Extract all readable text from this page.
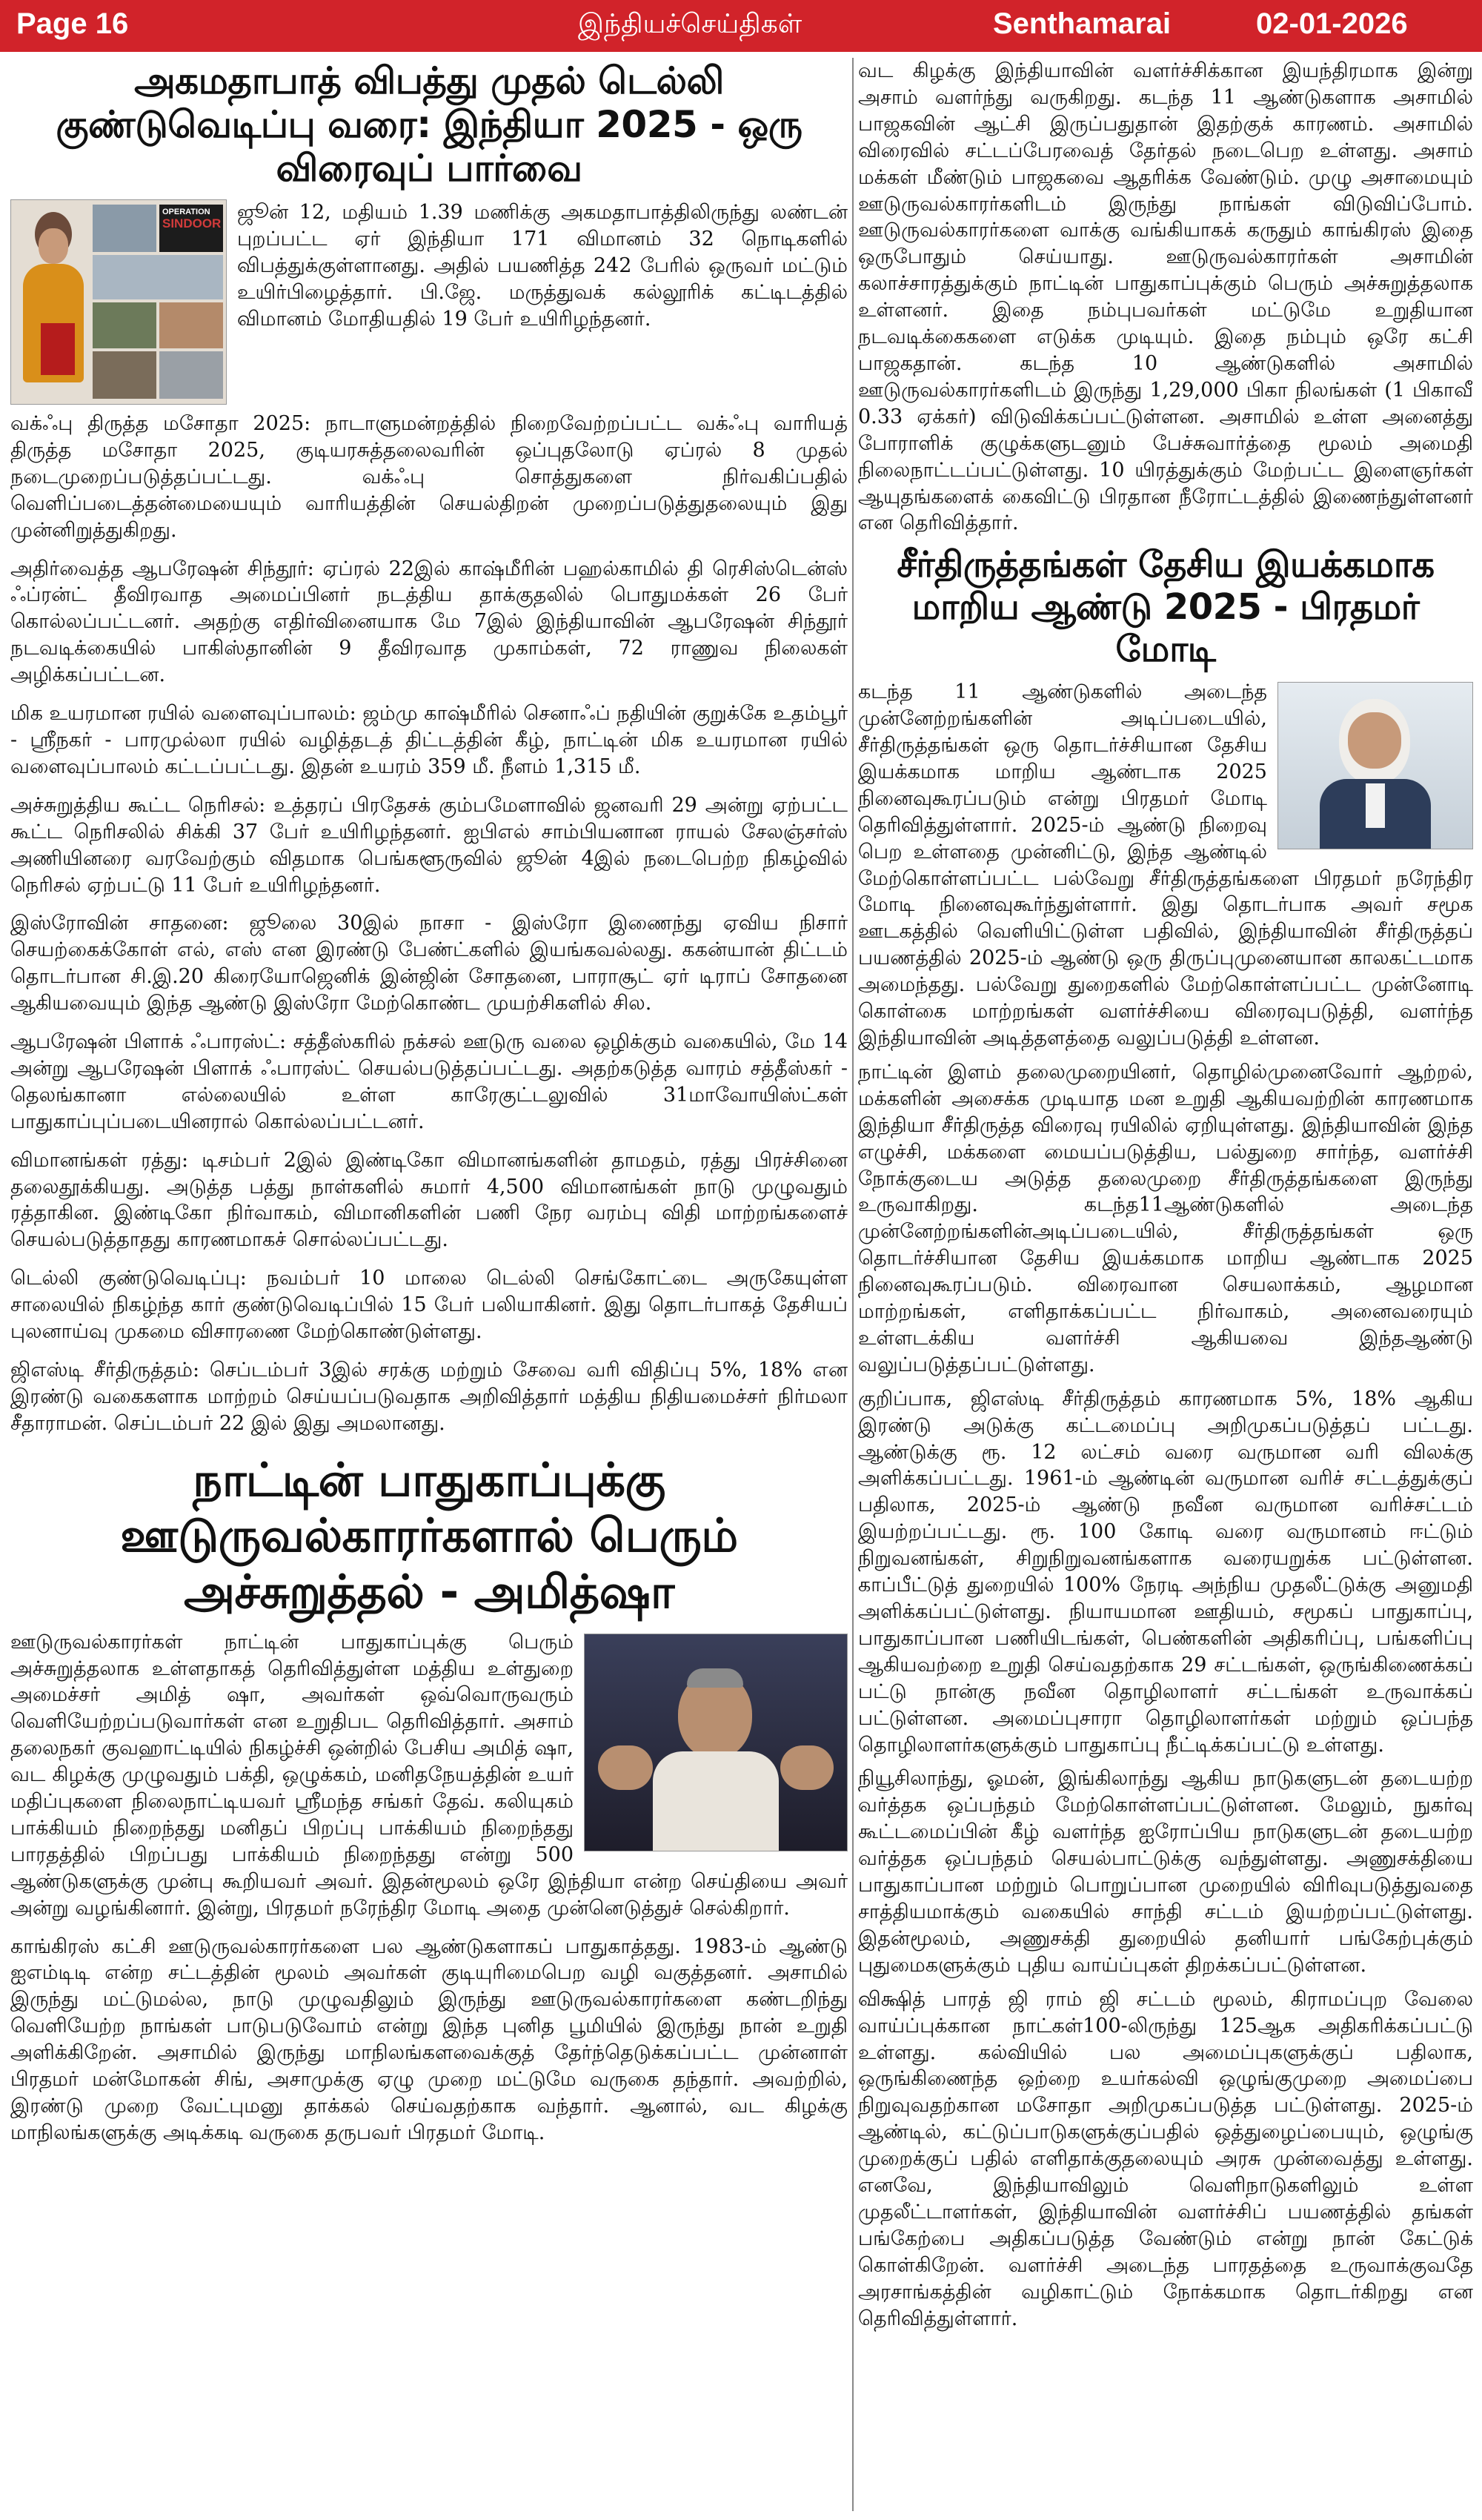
Page 16	இந்தியச்செய்திகள்	Senthamarai	02-01-2026
அகமதாபாத் விபத்து முதல் டெல்லி குண்டுவெடிப்பு வரை: இந்தியா 2025 - ஒரு விரைவுப் பார்வை
OPERATION
SINDOOR ஜூன் 12, மதியம் 1.39 மணிக்கு அகமதாபாத்திலிருந்து லண்டன் புறப்பட்ட ஏர் இந்தியா 171 விமானம் 32 நொடிகளில் விபத்துக்குள்ளானது. அதில் பயணித்த 242 பேரில் ஒருவர் மட்டும் உயிர்பிழைத்தார். பி.ஜே. மருத்துவக் கல்லூரிக் கட்டிடத்தில் விமானம் மோதியதில் 19 பேர் உயிரிழந்தனர்.

வக்ஃபு திருத்த மசோதா 2025: நாடாளுமன்றத்தில் நிறைவேற்றப்பட்ட வக்ஃபு வாரியத் திருத்த மசோதா 2025, குடியரசுத்தலைவரின் ஒப்புதலோடு ஏப்ரல் 8 முதல் நடைமுறைப்படுத்தப்பட்டது. வக்ஃபு சொத்துகளை நிர்வகிப்பதில் வெளிப்படைத்தன்மையையும் வாரியத்தின் செயல்திறன் முறைப்படுத்துதலையும் இது முன்னிறுத்துகிறது.

அதிர்வைத்த ஆபரேஷன் சிந்தூர்: ஏப்ரல் 22இல் காஷ்மீரின் பஹல்காமில் தி ரெசிஸ்டென்ஸ் ஃப்ரன்ட் தீவிரவாத அமைப்பினர் நடத்திய தாக்குதலில் பொதுமக்கள் 26 பேர் கொல்லப்பட்டனர். அதற்கு எதிர்வினையாக மே 7இல் இந்தியாவின் ஆபரேஷன் சிந்தூர் நடவடிக்கையில் பாகிஸ்தானின் 9 தீவிரவாத முகாம்கள், 72 ராணுவ நிலைகள் அழிக்கப்பட்டன.

மிக உயரமான ரயில் வளைவுப்பாலம்: ஜம்மு காஷ்மீரில் செனாஃப் நதியின் குறுக்கே உதம்பூர் - ஸ்ரீநகர் - பாரமுல்லா ரயில் வழித்தடத் திட்டத்தின் கீழ், நாட்டின் மிக உயரமான ரயில் வளைவுப்பாலம் கட்டப்பட்டது. இதன் உயரம் 359 மீ. நீளம் 1,315 மீ.

அச்சுறுத்திய கூட்ட நெரிசல்: உத்தரப் பிரதேசக் கும்பமேளாவில் ஜனவரி 29 அன்று ஏற்பட்ட கூட்ட நெரிசலில் சிக்கி 37 பேர் உயிரிழந்தனர். ஐபிஎல் சாம்பியனான ராயல் சேலஞ்சர்ஸ் அணியினரை வரவேற்கும் விதமாக பெங்களூருவில் ஜூன் 4இல் நடைபெற்ற நிகழ்வில் நெரிசல் ஏற்பட்டு 11 பேர் உயிரிழந்தனர்.

இஸ்ரோவின் சாதனை: ஜூலை 30இல் நாசா - இஸ்ரோ இணைந்து ஏவிய நிசார் செயற்கைக்கோள் எல், எஸ் என இரண்டு பேண்ட்களில் இயங்கவல்லது. ககன்யான் திட்டம் தொடர்பான சி.இ.20 கிரையோஜெனிக் இன்ஜின் சோதனை, பாராசூட் ஏர் டிராப் சோதனை ஆகியவையும் இந்த ஆண்டு இஸ்ரோ மேற்கொண்ட முயற்சிகளில் சில.

ஆபரேஷன் பிளாக் ஃபாரஸ்ட்: சத்தீஸ்கரில் நக்சல் ஊடுரு வலை ஒழிக்கும் வகையில், மே 14 அன்று ஆபரேஷன் பிளாக் ஃபாரஸ்ட் செயல்படுத்தப்பட்டது. அதற்கடுத்த வாரம் சத்தீஸ்கர் - தெலங்கானா எல்லையில் உள்ள காரேகுட்டலுவில் 31மாவோயிஸ்ட்கள் பாதுகாப்புப்படையினரால் கொல்லப்பட்டனர்.

விமானங்கள் ரத்து: டிசம்பர் 2இல் இண்டிகோ விமானங்களின் தாமதம், ரத்து பிரச்சினை தலைதூக்கியது. அடுத்த பத்து நாள்களில் சுமார் 4,500 விமானங்கள் நாடு முழுவதும் ரத்தாகின. இண்டிகோ நிர்வாகம், விமானிகளின் பணி நேர வரம்பு விதி மாற்றங்களைச் செயல்படுத்தாதது காரணமாகச் சொல்லப்பட்டது.

டெல்லி குண்டுவெடிப்பு: நவம்பர் 10 மாலை டெல்லி செங்கோட்டை அருகேயுள்ள சாலையில் நிகழ்ந்த கார் குண்டுவெடிப்பில் 15 பேர் பலியாகினர். இது தொடர்பாகத் தேசியப் புலனாய்வு முகமை விசாரணை மேற்கொண்டுள்ளது.

ஜிஎஸ்டி சீர்திருத்தம்: செப்டம்பர் 3இல் சரக்கு மற்றும் சேவை வரி விதிப்பு 5%, 18% என இரண்டு வகைகளாக மாற்றம் செய்யப்படுவதாக அறிவித்தார் மத்திய நிதியமைச்சர் நிர்மலா சீதாராமன். செப்டம்பர் 22 இல் இது அமலானது.

நாட்டின் பாதுகாப்புக்கு ஊடுருவல்காரர்களால் பெரும் அச்சுறுத்தல் - அமித்ஷா

ஊடுருவல்காரர்கள் நாட்டின் பாதுகாப்புக்கு பெரும் அச்சுறுத்தலாக உள்ளதாகத் தெரிவித்துள்ள மத்திய உள்துறை அமைச்சர் அமித் ஷா, அவர்கள் ஒவ்வொருவரும் வெளியேற்றப்படுவார்கள் என உறுதிபட தெரிவித்தார். அசாம் தலைநகர் குவஹாட்டியில் நிகழ்ச்சி ஒன்றில் பேசிய அமித் ஷா, வட கிழக்கு முழுவதும் பக்தி, ஒழுக்கம், மனிதநேயத்தின் உயர் மதிப்புகளை நிலைநாட்டியவர் ஸ்ரீமந்த சங்கர் தேவ். கலியுகம் பாக்கியம் நிறைந்தது மனிதப் பிறப்பு பாக்கியம் நிறைந்தது பாரதத்தில் பிறப்பது பாக்கியம் நிறைந்தது என்று 500 ஆண்டுகளுக்கு முன்பு கூறியவர் அவர். இதன்மூலம் ஒரே இந்தியா என்ற செய்தியை அவர் அன்று வழங்கினார். இன்று, பிரதமர் நரேந்திர மோடி அதை முன்னெடுத்துச் செல்கிறார்.

காங்கிரஸ் கட்சி ஊடுருவல்காரர்களை பல ஆண்டுகளாகப் பாதுகாத்தது. 1983-ம் ஆண்டு ஐஎம்டிடி என்ற சட்டத்தின் மூலம் அவர்கள் குடியுரிமைபெற வழி வகுத்தனர். அசாமில் இருந்து மட்டுமல்ல, நாடு முழுவதிலும் இருந்து ஊடுருவல்காரர்களை கண்டறிந்து வெளியேற்ற நாங்கள் பாடுபடுவோம் என்று இந்த புனித பூமியில் இருந்து நான் உறுதி அளிக்கிறேன். அசாமில் இருந்து மாநிலங்களவைக்குத் தேர்ந்தெடுக்கப்பட்ட முன்னாள் பிரதமர் மன்மோகன் சிங், அசாமுக்கு ஏழு முறை மட்டுமே வருகை தந்தார். அவற்றில், இரண்டு முறை வேட்புமனு தாக்கல் செய்வதற்காக வந்தார். ஆனால், வட கிழக்கு மாநிலங்களுக்கு அடிக்கடி வருகை தருபவர் பிரதமர் மோடி.

வட கிழக்கு இந்தியாவின் வளர்ச்சிக்கான இயந்திரமாக இன்று அசாம் வளர்ந்து வருகிறது. கடந்த 11 ஆண்டுகளாக அசாமில் பாஜகவின் ஆட்சி இருப்பதுதான் இதற்குக் காரணம். அசாமில் விரைவில் சட்டப்பேரவைத் தேர்தல் நடைபெற உள்ளது. அசாம் மக்கள் மீண்டும் பாஜகவை ஆதரிக்க வேண்டும். முழு அசாமையும் ஊடுருவல்காரர்களிடம் இருந்து நாங்கள் விடுவிப்போம். ஊடுருவல்காரர்களை வாக்கு வங்கியாகக் கருதும் காங்கிரஸ் இதை ஒருபோதும் செய்யாது. ஊடுருவல்காரர்கள் அசாமின் கலாச்சாரத்துக்கும் நாட்டின் பாதுகாப்புக்கும் பெரும் அச்சுறுத்தலாக உள்ளனர். இதை நம்புபவர்கள் மட்டுமே உறுதியான நடவடிக்கைகளை எடுக்க முடியும். இதை நம்பும் ஒரே கட்சி பாஜகதான். கடந்த 10 ஆண்டுகளில் அசாமில் ஊடுருவல்காரர்களிடம் இருந்து 1,29,000 பிகா நிலங்கள் (1 பிகாவீ 0.33 ஏக்கர்) விடுவிக்கப்பட்டுள்ளன. அசாமில் உள்ள அனைத்து போராளிக் குழுக்களுடனும் பேச்சுவார்த்தை மூலம் அமைதி நிலைநாட்டப்பட்டுள்ளது. 10 யிரத்துக்கும் மேற்பட்ட இளைஞர்கள் ஆயுதங்களைக் கைவிட்டு பிரதான நீரோட்டத்தில் இணைந்துள்ளனர் என தெரிவித்தார்.

சீர்திருத்தங்கள் தேசிய இயக்கமாக மாறிய ஆண்டு 2025 - பிரதமர் மோடி

கடந்த 11 ஆண்டுகளில் அடைந்த முன்னேற்றங்களின் அடிப்படையில், சீர்திருத்தங்கள் ஒரு தொடர்ச்சியான தேசிய இயக்கமாக மாறிய ஆண்டாக 2025 நினைவுகூரப்படும் என்று பிரதமர் மோடி தெரிவித்துள்ளார். 2025-ம் ஆண்டு நிறைவு பெற உள்ளதை முன்னிட்டு, இந்த ஆண்டில் மேற்கொள்ளப்பட்ட பல்வேறு சீர்திருத்தங்களை பிரதமர் நரேந்திர மோடி நினைவுகூர்ந்துள்ளார். இது தொடர்பாக அவர் சமூக ஊடகத்தில் வெளியிட்டுள்ள பதிவில், இந்தியாவின் சீர்திருத்தப் பயணத்தில் 2025-ம் ஆண்டு ஒரு திருப்புமுனையான காலகட்டமாக அமைந்தது. பல்வேறு துறைகளில் மேற்கொள்ளப்பட்ட முன்னோடி கொள்கை மாற்றங்கள் வளர்ச்சியை விரைவுபடுத்தி, வளர்ந்த இந்தியாவின் அடித்தளத்தை வலுப்படுத்தி உள்ளன.

நாட்டின் இளம் தலைமுறையினர், தொழில்முனைவோர் ஆற்றல், மக்களின் அசைக்க முடியாத மன உறுதி ஆகியவற்றின் காரணமாக இந்தியா சீர்திருத்த விரைவு ரயிலில் ஏறியுள்ளது. இந்தியாவின் இந்த எழுச்சி, மக்களை மையப்படுத்திய, பல்துறை சார்ந்த, வளர்ச்சி நோக்குடைய அடுத்த தலைமுறை சீர்திருத்தங்களை இருந்து உருவாகிறது. கடந்த11ஆண்டுகளில் அடைந்த முன்னேற்றங்களின்அடிப்படையில், சீர்திருத்தங்கள் ஒரு தொடர்ச்சியான தேசிய இயக்கமாக மாறிய ஆண்டாக 2025 நினைவுகூரப்படும். விரைவான செயலாக்கம், ஆழமான மாற்றங்கள், எளிதாக்கப்பட்ட நிர்வாகம், அனைவரையும் உள்ளடக்கிய வளர்ச்சி ஆகியவை இந்தஆண்டு வலுப்படுத்தப்பட்டுள்ளது.

குறிப்பாக, ஜிஎஸ்டி சீர்திருத்தம் காரணமாக 5%, 18% ஆகிய இரண்டு அடுக்கு கட்டமைப்பு அறிமுகப்படுத்தப் பட்டது. ஆண்டுக்கு ரூ. 12 லட்சம் வரை வருமான வரி விலக்கு அளிக்கப்பட்டது. 1961-ம் ஆண்டின் வருமான வரிச் சட்டத்துக்குப் பதிலாக, 2025-ம் ஆண்டு நவீன வருமான வரிச்சட்டம் இயற்றப்பட்டது. ரூ. 100 கோடி வரை வருமானம் ஈட்டும் நிறுவனங்கள், சிறுநிறுவனங்களாக வரையறுக்க பட்டுள்ளன. காப்பீட்டுத் துறையில் 100% நேரடி அந்நிய முதலீட்டுக்கு அனுமதி அளிக்கப்பட்டுள்ளது. நியாயமான ஊதியம், சமூகப் பாதுகாப்பு, பாதுகாப்பான பணியிடங்கள், பெண்களின் அதிகரிப்பு, பங்களிப்பு ஆகியவற்றை உறுதி செய்வதற்காக 29 சட்டங்கள், ஒருங்கிணைக்கப் பட்டு நான்கு நவீன தொழிலாளர் சட்டங்கள் உருவாக்கப் பட்டுள்ளன. அமைப்புசாரா தொழிலாளர்கள் மற்றும் ஒப்பந்த தொழிலாளர்களுக்கும் பாதுகாப்பு நீட்டிக்கப்பட்டு உள்ளது.

நியூசிலாந்து, ஓமன், இங்கிலாந்து ஆகிய நாடுகளுடன் தடையற்ற வர்த்தக ஒப்பந்தம் மேற்கொள்ளப்பட்டுள்ளன. மேலும், நுகர்வு கூட்டமைப்பின் கீழ் வளர்ந்த ஐரோப்பிய நாடுகளுடன் தடையற்ற வர்த்தக ஒப்பந்தம் செயல்பாட்டுக்கு வந்துள்ளது. அணுசக்தியை பாதுகாப்பான மற்றும் பொறுப்பான முறையில் விரிவுபடுத்துவதை சாத்தியமாக்கும் வகையில் சாந்தி சட்டம் இயற்றப்பட்டுள்ளது. இதன்மூலம், அணுசக்தி துறையில் தனியார் பங்கேற்புக்கும் புதுமைகளுக்கும் புதிய வாய்ப்புகள் திறக்கப்பட்டுள்ளன.

விக்ஷித் பாரத் ஜி ராம் ஜி சட்டம் மூலம், கிராமப்புற வேலை வாய்ப்புக்கான நாட்கள்100-லிருந்து 125ஆக அதிகரிக்கப்பட்டு உள்ளது. கல்வியில் பல அமைப்புகளுக்குப் பதிலாக, ஒருங்கிணைந்த ஒற்றை உயர்கல்வி ஒழுங்குமுறை அமைப்பை நிறுவுவதற்கான மசோதா அறிமுகப்படுத்த பட்டுள்ளது. 2025-ம் ஆண்டில், கட்டுப்பாடுகளுக்குப்பதில் ஒத்துழைப்பையும், ஒழுங்கு முறைக்குப் பதில் எளிதாக்குதலையும் அரசு முன்வைத்து உள்ளது. எனவே, இந்தியாவிலும் வெளிநாடுகளிலும் உள்ள முதலீட்டாளர்கள், இந்தியாவின் வளர்ச்சிப் பயணத்தில் தங்கள் பங்கேற்பை அதிகப்படுத்த வேண்டும் என்று நான் கேட்டுக் கொள்கிறேன். வளர்ச்சி அடைந்த பாரதத்தை உருவாக்குவதே அரசாங்கத்தின் வழிகாட்டும் நோக்கமாக தொடர்கிறது என தெரிவித்துள்ளார்.
